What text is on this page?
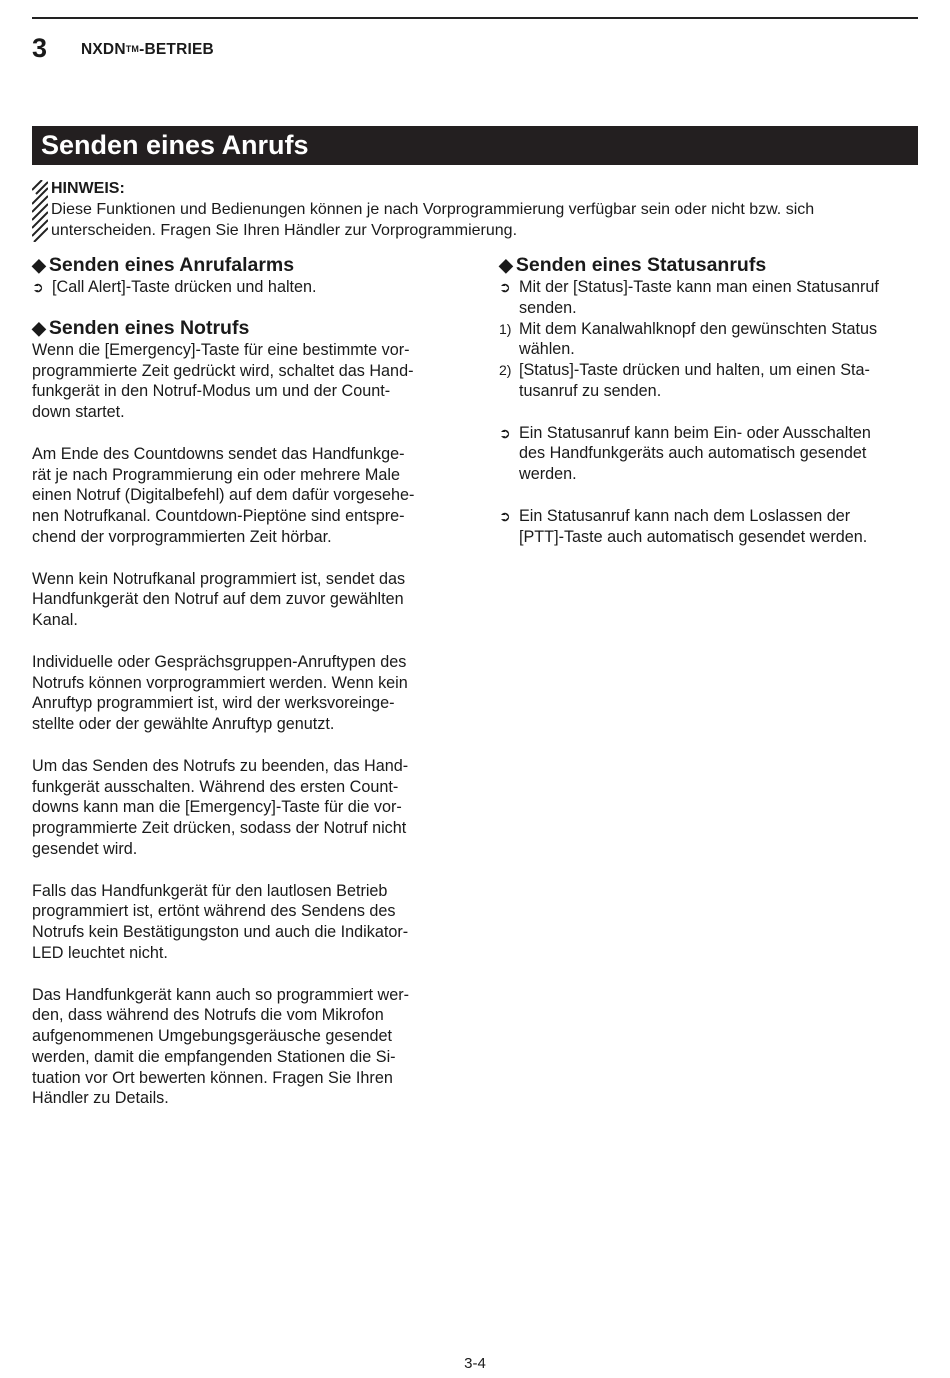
3 NXDN™-BETRIEB
Senden eines Anrufs
HINWEIS:
Diese Funktionen und Bedienungen können je nach Vorprogrammierung verfügbar sein oder nicht bzw. sich
unterscheiden. Fragen Sie Ihren Händler zur Vorprogrammierung.
◆ Senden eines Anrufalarms
➲ [Call Alert]-Taste drücken und halten.
◆ Senden eines Notrufs
Wenn die [Emergency]-Taste für eine bestimmte vor-
programmierte Zeit gedrückt wird, schaltet das Hand-
funkgerät in den Notruf-Modus um und der Count-
down startet.
Am Ende des Countdowns sendet das Handfunkge-
rät je nach Programmierung ein oder mehrere Male
einen Notruf (Digitalbefehl) auf dem dafür vorgesehe-
nen Notrufkanal. Countdown-Pieptöne sind entspre-
chend der vorprogrammierten Zeit hörbar.
Wenn kein Notrufkanal programmiert ist, sendet das
Handfunkgerät den Notruf auf dem zuvor gewählten
Kanal.
Individuelle oder Gesprächsgruppen-Anruftypen des
Notrufs können vorprogrammiert werden. Wenn kein
Anruftyp programmiert ist, wird der werksvoreinge-
stellte oder der gewählte Anruftyp genutzt.
Um das Senden des Notrufs zu beenden, das Hand-
funkgerät ausschalten. Während des ersten Count-
downs kann man die [Emergency]-Taste für die vor-
programmierte Zeit drücken, sodass der Notruf nicht
gesendet wird.
Falls das Handfunkgerät für den lautlosen Betrieb
programmiert ist, ertönt während des Sendens des
Notrufs kein Bestätigungston und auch die Indikator-
LED leuchtet nicht.
Das Handfunkgerät kann auch so programmiert wer-
den, dass während des Notrufs die vom Mikrofon
aufgenommenen Umgebungsgeräusche gesendet
werden, damit die empfangenden Stationen die Si-
tuation vor Ort bewerten können. Fragen Sie Ihren
Händler zu Details.
◆ Senden eines Statusanrufs
➲ Mit der [Status]-Taste kann man einen Statusanruf
senden.
1) Mit dem Kanalwahlknopf den gewünschten Status
wählen.
2) [Status]-Taste drücken und halten, um einen Sta-
tusanruf zu senden.
➲ Ein Statusanruf kann beim Ein- oder Ausschalten
des Handfunkgeräts auch automatisch gesendet
werden.
➲ Ein Statusanruf kann nach dem Loslassen der
[PTT]-Taste auch automatisch gesendet werden.
3-4
